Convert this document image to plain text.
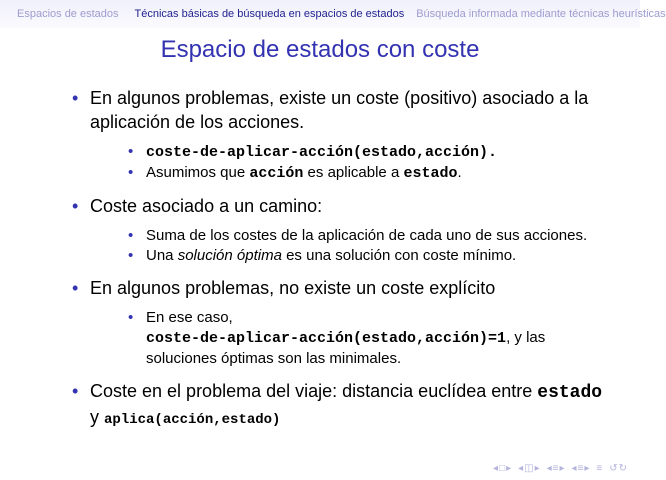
Espacios de estados Técnicas básicas de búsqueda en espacios de estados Búsqueda informada mediante técnicas heurísticas
Espacio de estados con coste
• En algunos problemas, existe un coste (positivo) asociado a la aplicación de los acciones.
• coste-de-aplicar-acción(estado,acción).
• Asumimos que acción es aplicable a estado.
• Coste asociado a un camino:
• Suma de los costes de la aplicación de cada uno de sus acciones.
• Una solución óptima es una solución con coste mínimo.
• En algunos problemas, no existe un coste explícito
• En ese caso,
coste-de-aplicar-acción(estado,acción)=1, y las soluciones óptimas son las minimales.
• Coste en el problema del viaje: distancia euclídea entre estado y aplica(acción,estado)
◂□▸ ◂◫▸ ◂≡▸ ◂≡▸ ≡ ↺↻
